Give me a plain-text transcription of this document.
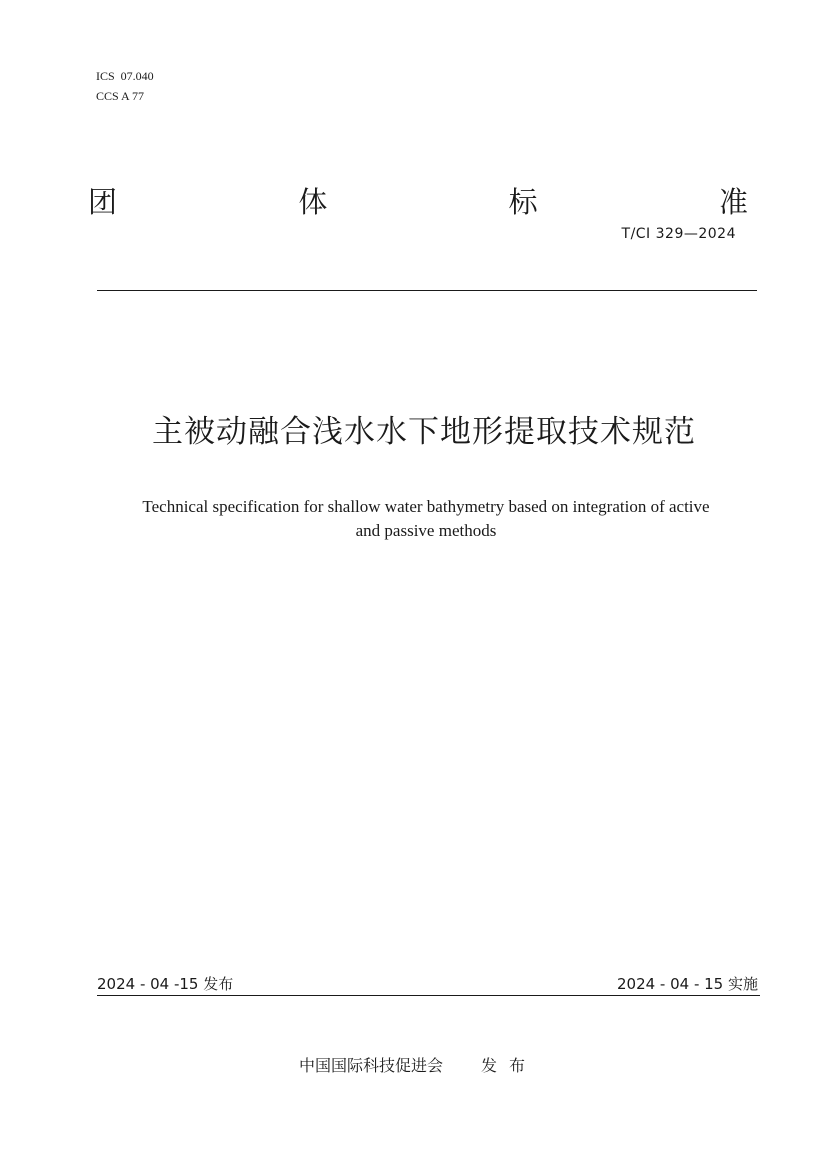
ICS  07.040
CCS A 77
团	体	标	准
T/CI 329—2024
主被动融合浅水水下地形提取技术规范
Technical specification for shallow water bathymetry based on integration of active
and passive methods
2024 - 04 -15 发布	2024 - 04 - 15 实施
中国国际科技促进会 发布
